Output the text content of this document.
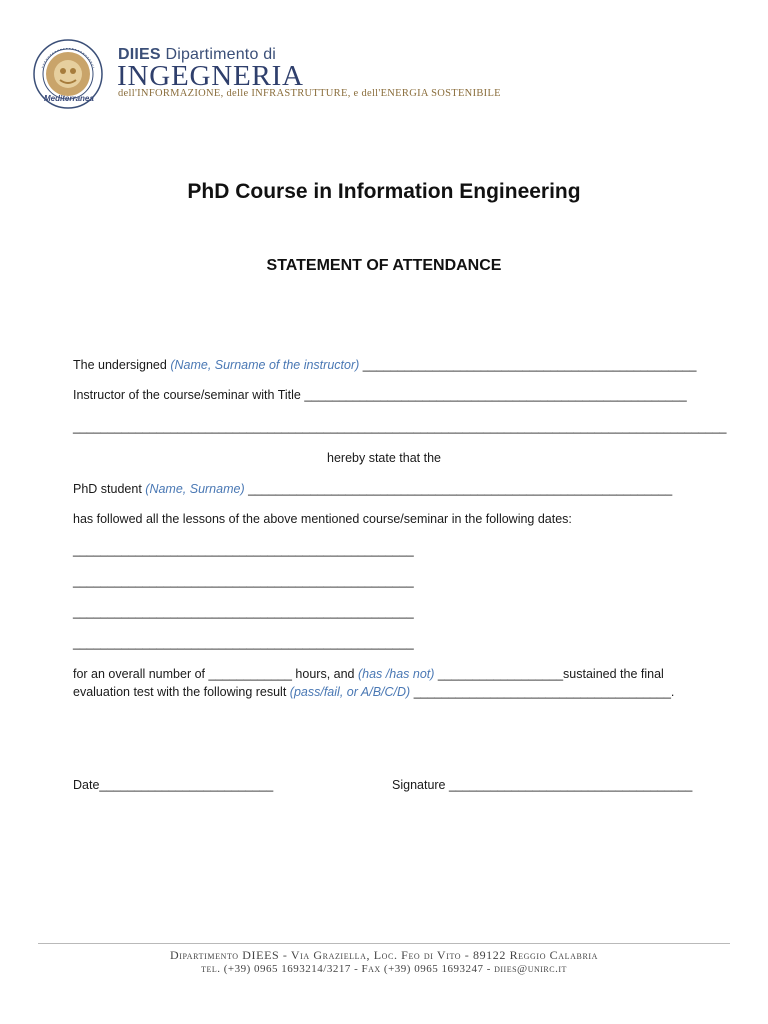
Mediterranea
DIIES Dipartimento di
INGEGNERIA
dell'INFORMAZIONE, delle INFRASTRUTTURE, e dell'ENERGIA SOSTENIBILE
PhD Course in Information Engineering
STATEMENT OF ATTENDANCE
The undersigned (Name, Surname of the instructor) ________________________________________________
Instructor of the course/seminar with Title _______________________________________________________
______________________________________________________________________________________________
hereby state that the
PhD student (Name, Surname) _____________________________________________________________
has followed all the lessons of the above mentioned course/seminar in the following dates:
_________________________________________________
_________________________________________________
_________________________________________________
_________________________________________________
for an overall number of ____________ hours, and (has /has not) __________________sustained the final
evaluation test with the following result (pass/fail, or A/B/C/D) _____________________________________.
Date_________________________	Signature ___________________________________
Dipartimento DIEES - Via Graziella, Loc. Feo di Vito - 89122 Reggio Calabria
tel. (+39) 0965 1693214/3217 - Fax (+39) 0965 1693247 - diies@unirc.it
